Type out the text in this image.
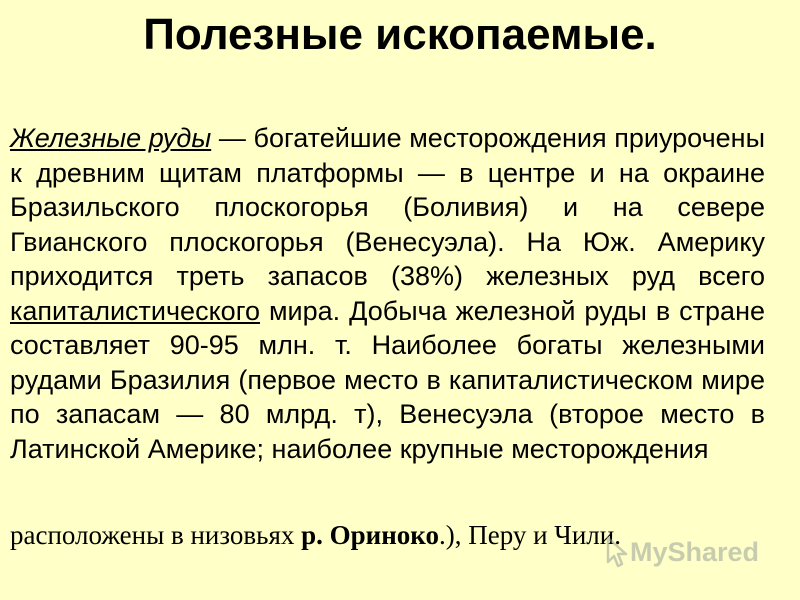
Полезные ископаемые.
Железные руды — богатейшие месторождения приурочены к древним щитам платформы — в центре и на окраине Бразильского плоскогорья (Боливия) и на севере Гвианского плоскогорья (Венесуэла). На Юж. Америку приходится треть запасов (38%) железных руд всего капиталистического мира. Добыча железной руды в стране составляет 90-95 млн. т. Наиболее богаты железными рудами Бразилия (первое место в капиталистическом мире по запасам — 80 млрд. т), Венесуэла (второе место в Латинской Америке; наиболее крупные месторождения
расположены в низовьях р. Ориноко.), Перу и Чили.
MyShared
